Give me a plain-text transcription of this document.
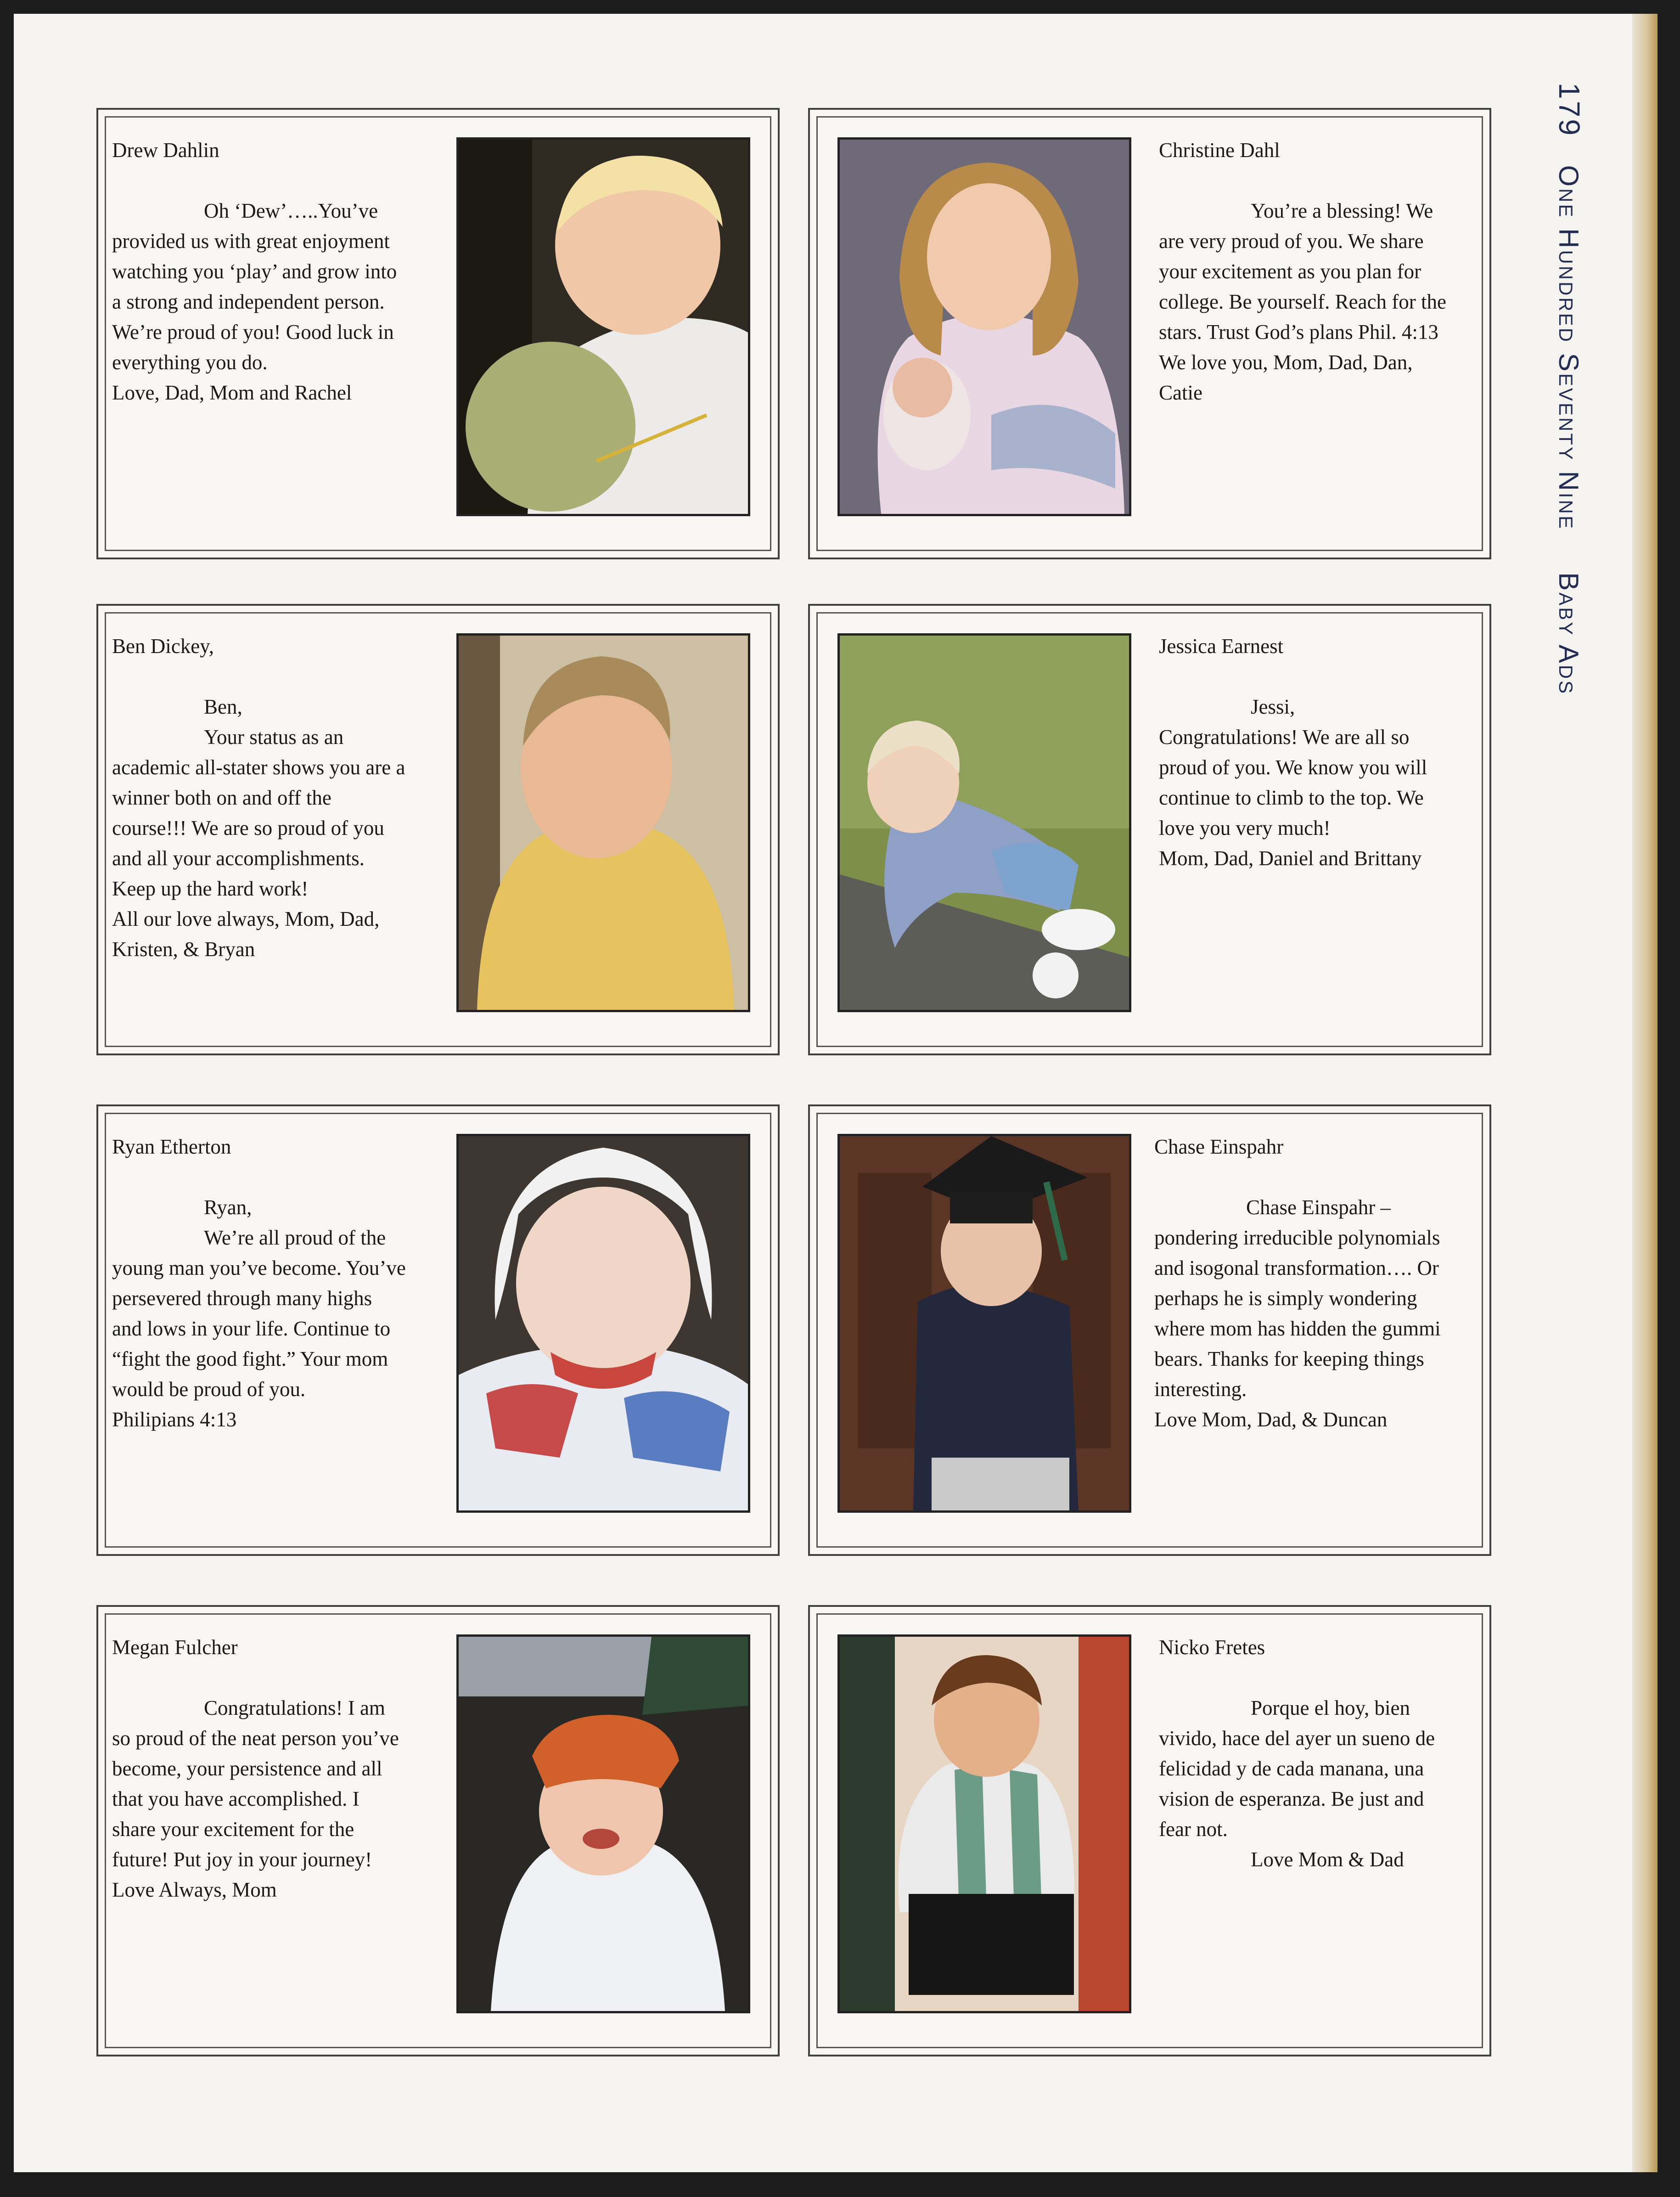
179 One Hundred Seventy Nine  Baby Ads

Drew Dahlin

Oh ‘Dew’…..You’ve provided us with great enjoyment watching you ‘play’ and grow into a strong and independent person. We’re proud of you! Good luck in everything you do.

Love, Dad, Mom and Rachel

Christine Dahl

You’re a blessing! We are very proud of you. We share your excitement as you plan for college. Be yourself. Reach for the stars. Trust God’s plans Phil. 4:13

We love you, Mom, Dad, Dan, Catie

Ben Dickey,

Ben,

Your status as an academic all-stater shows you are a winner both on and off the course!!! We are so proud of you and all your accomplishments. Keep up the hard work!

All our love always, Mom, Dad, Kristen, & Bryan

Jessica Earnest

Jessi,

Congratulations! We are all so proud of you. We know you will continue to climb to the top. We love you very much!

Mom, Dad, Daniel and Brittany

Ryan Etherton

Ryan,

We’re all proud of the young man you’ve become. You’ve persevered through many highs and lows in your life. Continue to “fight the good fight.” Your mom would be proud of you.

Philipians 4:13

Chase Einspahr

Chase Einspahr – pondering irreducible polynomials and isogonal transformation…. Or perhaps he is simply wondering where mom has hidden the gummi bears. Thanks for keeping things interesting.

Love Mom, Dad, & Duncan

Megan Fulcher

Congratulations! I am so proud of the neat person you’ve become, your persistence and all that you have accomplished. I share your excitement for the future! Put joy in your journey!

Love Always, Mom

Nicko Fretes

Porque el hoy, bien vivido, hace del ayer un sueno de felicidad y de cada manana, una vision de esperanza. Be just and fear not.

Love Mom & Dad
